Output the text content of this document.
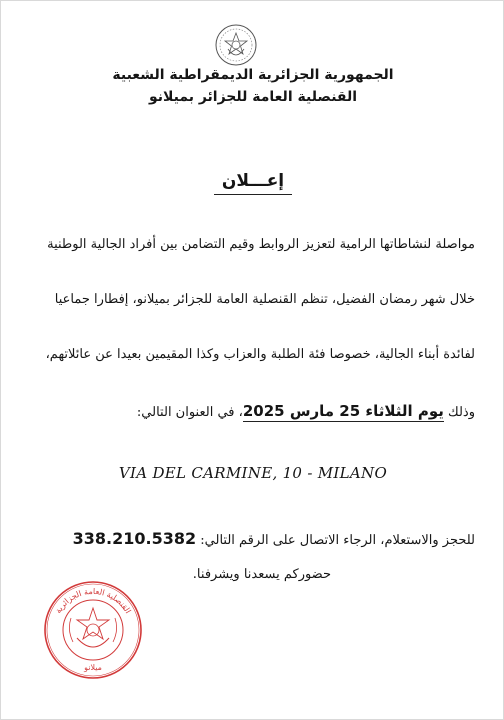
الجمهورية الجزائرية الديمقراطية الشعبية
القنصلية العامة للجزائر بميلانو
إعـــلان
مواصلة لنشاطاتها الرامية لتعزيز الروابط وقيم التضامن بين أفراد الجالية الوطنية
خلال شهر رمضان الفضيل، تنظم القنصلية العامة للجزائر بميلانو، إفطارا جماعيا
لفائدة أبناء الجالية، خصوصا فئة الطلبة والعزاب وكذا المقيمين بعيدا عن عائلاتهم،
وذلك يوم الثلاثاء 25 مارس 2025، في العنوان التالي:
VIA DEL CARMINE, 10 - MILANO
للحجز والاستعلام، الرجاء الاتصال على الرقم التالي: 338.210.5382
حضوركم يسعدنا ويشرفنا.
القنصلية العامة الجزائرية
ميلانو
